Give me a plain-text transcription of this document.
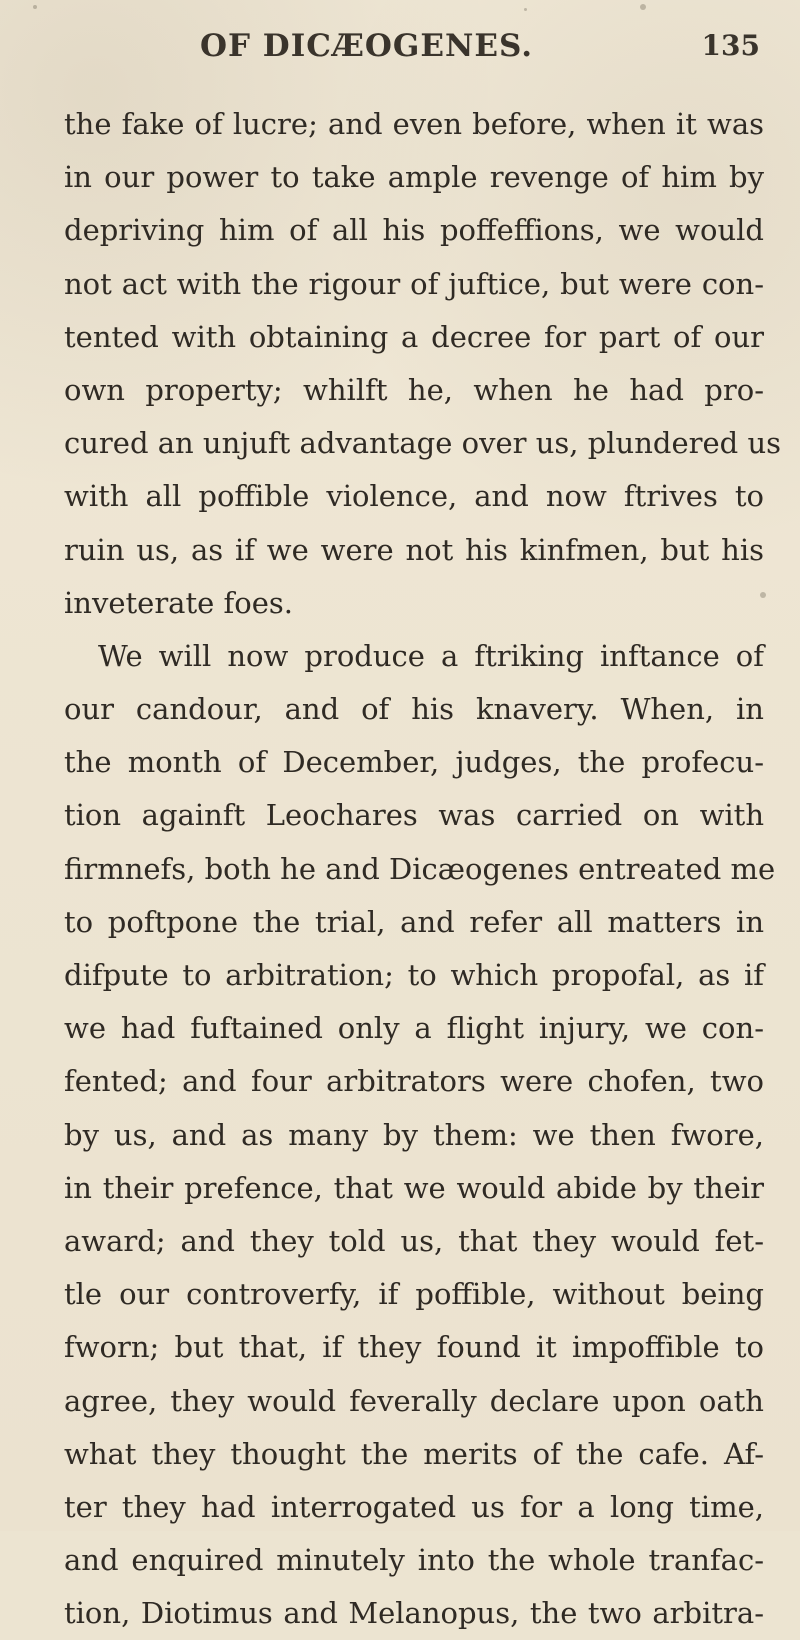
OF DICÆOGENES.	135
the fake of lucre; and even before, when it was
in our power to take ample revenge of him by
depriving him of all his poffeffions, we would
not act with the rigour of juftice, but were con-
tented with obtaining a decree for part of our
own property; whilft he, when he had pro-
cured an unjuft advantage over us, plundered us
with all poffible violence, and now ftrives to
ruin us, as if we were not his kinfmen, but his
inveterate foes.
We will now produce a ftriking inftance of
our candour, and of his knavery. When, in
the month of December, judges, the profecu-
tion againft Leochares was carried on with
firmnefs, both he and Dicæogenes entreated me
to poftpone the trial, and refer all matters in
difpute to arbitration; to which propofal, as if
we had fuftained only a flight injury, we con-
fented; and four arbitrators were chofen, two
by us, and as many by them: we then fwore,
in their prefence, that we would abide by their
award; and they told us, that they would fet-
tle our controverfy, if poffible, without being
fworn; but that, if they found it impoffible to
agree, they would feverally declare upon oath
what they thought the merits of the cafe. Af-
ter they had interrogated us for a long time,
and enquired minutely into the whole tranfac-
tion, Diotimus and Melanopus, the two arbitra-
